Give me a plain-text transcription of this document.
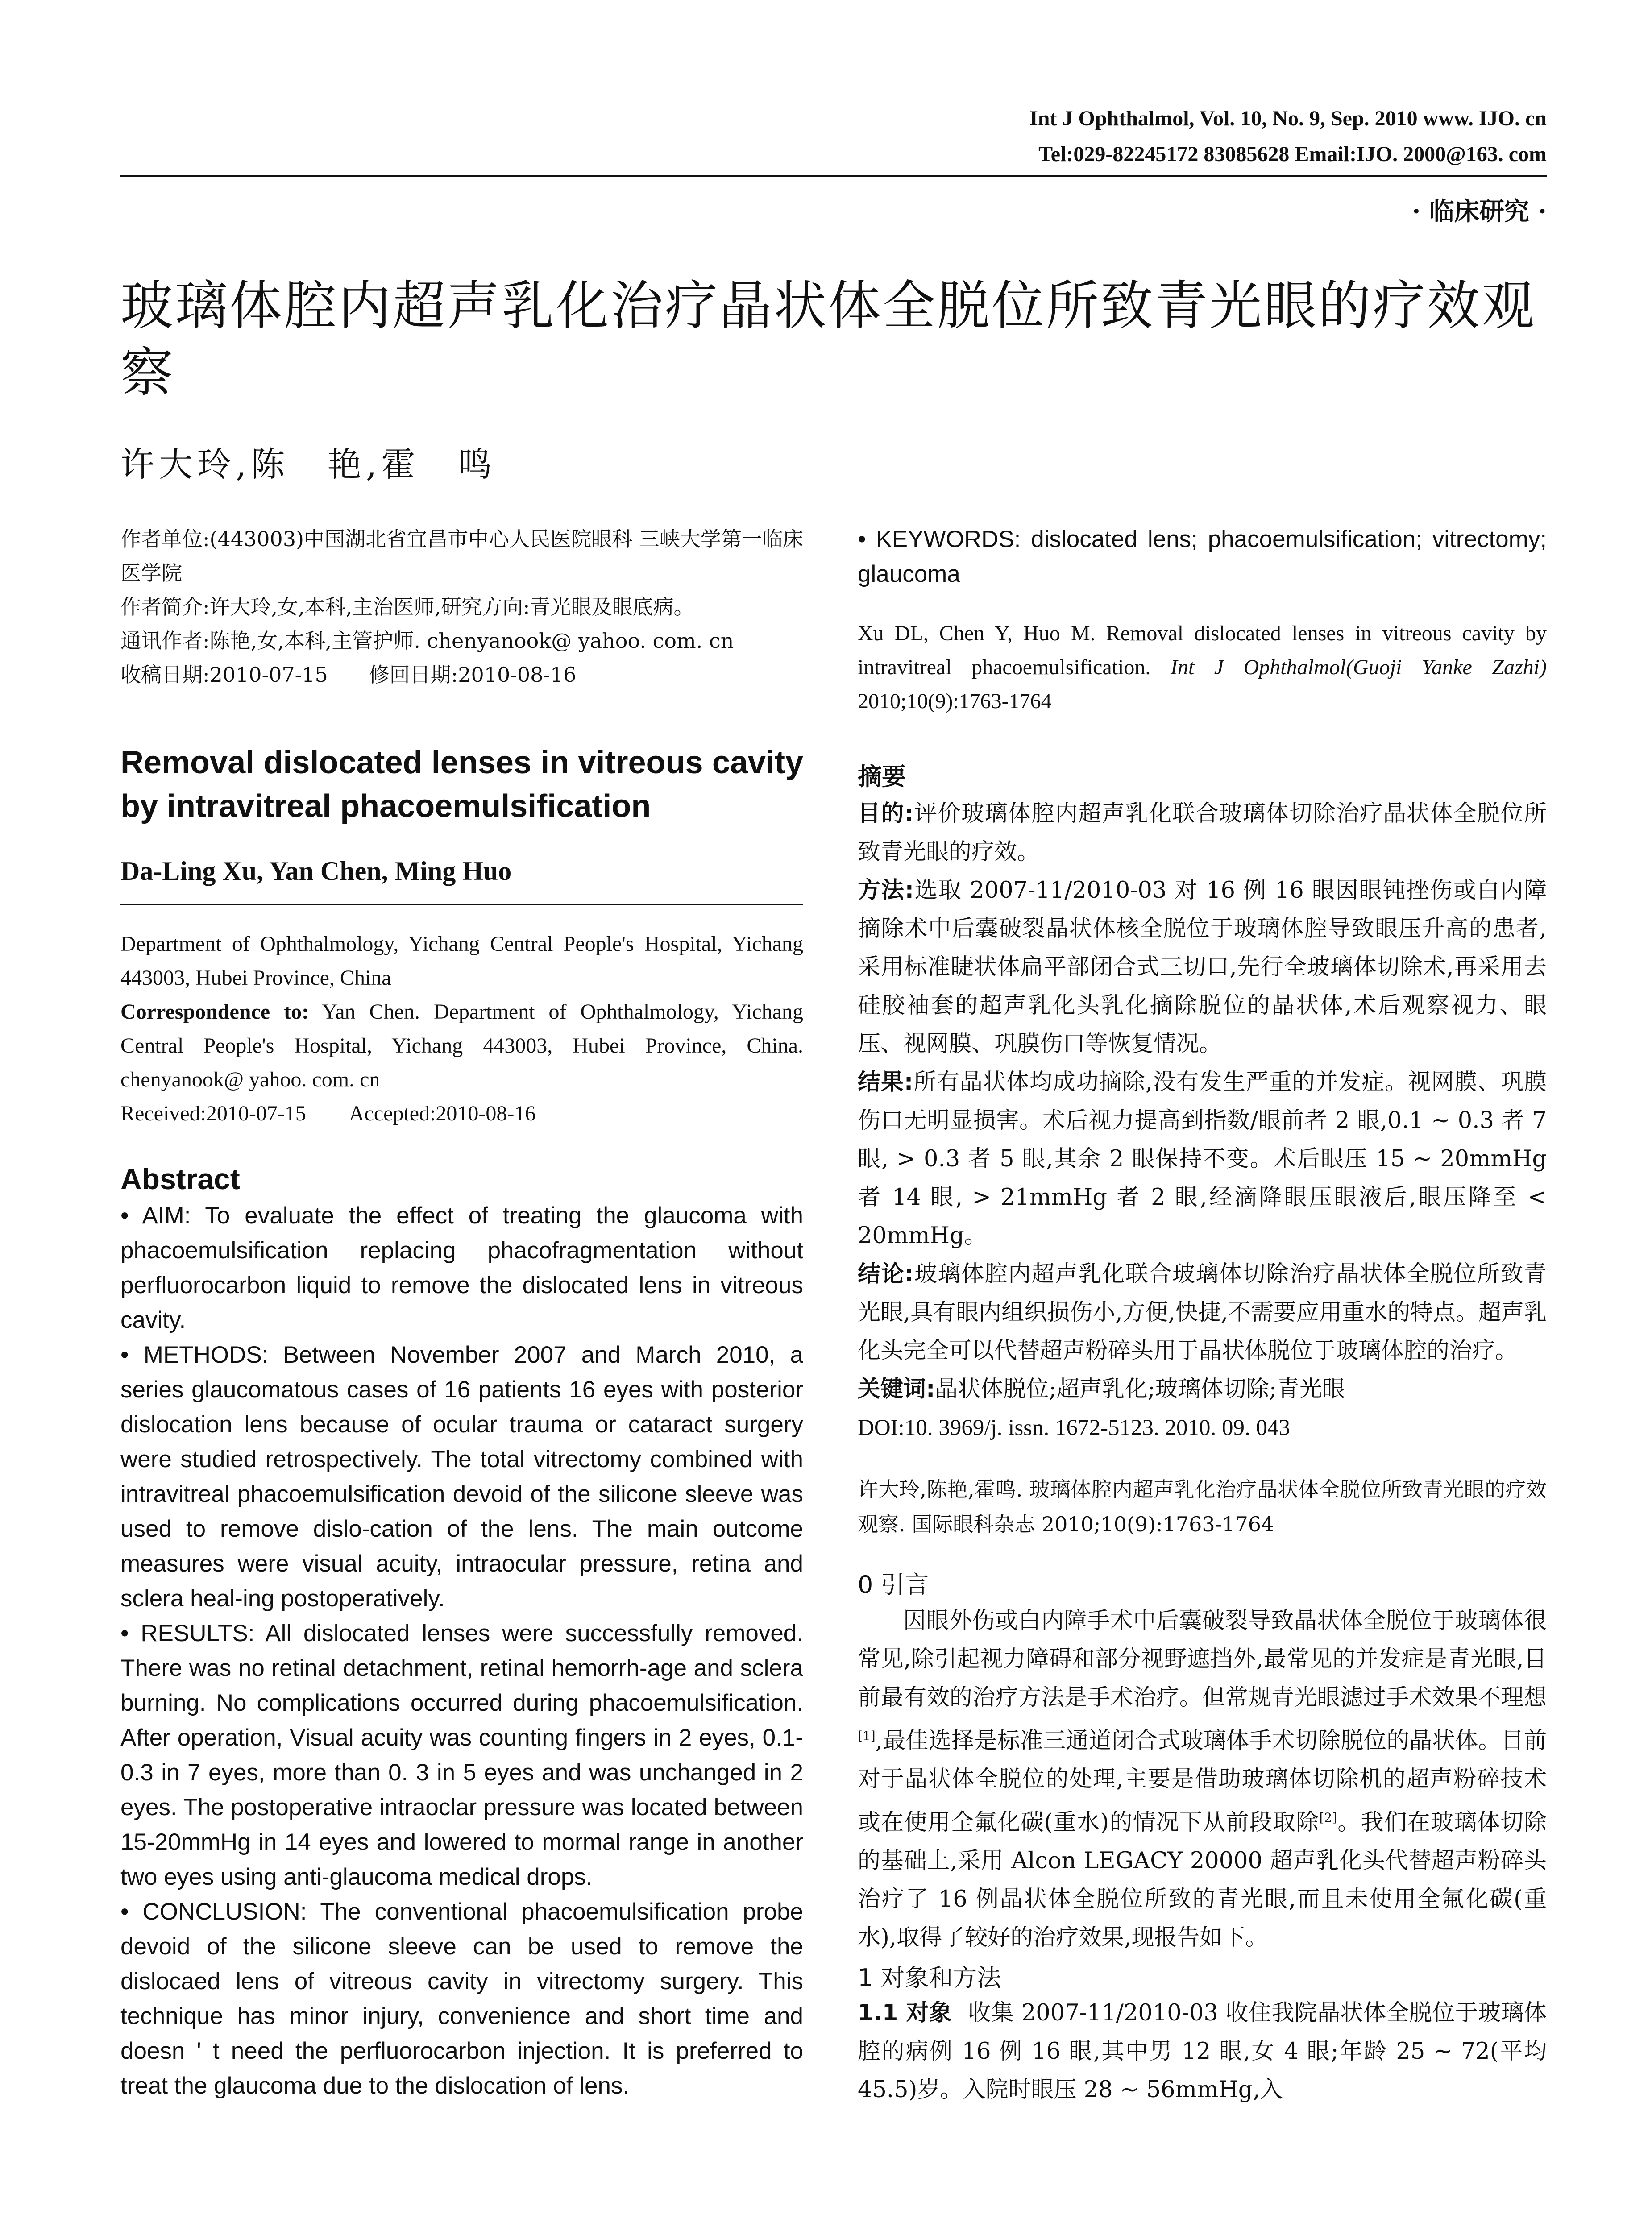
Int J Ophthalmol, Vol. 10, No. 9, Sep. 2010 www. IJO. cn
Tel:029-82245172 83085628 Email:IJO. 2000@163. com
· 临床研究 ·
玻璃体腔内超声乳化治疗晶状体全脱位所致青光眼的疗效观察
许大玲,陈　艳,霍　鸣

作者单位:(443003)中国湖北省宜昌市中心人民医院眼科 三峡大学第一临床医学院

作者简介:许大玲,女,本科,主治医师,研究方向:青光眼及眼底病。

通讯作者:陈艳,女,本科,主管护师. chenyanook@ yahoo. com. cn

收稿日期:2010-07-15　　修回日期:2010-08-16

Removal dislocated lenses in vitreous cavity by intravitreal phacoemulsification
Da-Ling Xu, Yan Chen, Ming Huo

Department of Ophthalmology, Yichang Central People's Hospital, Yichang 443003, Hubei Province, China

Correspondence to: Yan Chen. Department of Ophthalmology, Yichang Central People's Hospital, Yichang 443003, Hubei Province, China. chenyanook@ yahoo. com. cn

Received:2010-07-15　　Accepted:2010-08-16

Abstract

• AIM: To evaluate the effect of treating the glaucoma with phacoemulsification replacing phacofragmentation without perfluorocarbon liquid to remove the dislocated lens in vitreous cavity.

• METHODS: Between November 2007 and March 2010, a series glaucomatous cases of 16 patients 16 eyes with posterior dislocation lens because of ocular trauma or cataract surgery were studied retrospectively. The total vitrectomy combined with intravitreal phacoemulsification devoid of the silicone sleeve was used to remove dislo-cation of the lens. The main outcome measures were visual acuity, intraocular pressure, retina and sclera heal-ing postoperatively.

• RESULTS: All dislocated lenses were successfully removed. There was no retinal detachment, retinal hemorrh-age and sclera burning. No complications occurred during phacoemulsification. After operation, Visual acuity was counting fingers in 2 eyes, 0.1-0.3 in 7 eyes, more than 0. 3 in 5 eyes and was unchanged in 2 eyes. The postoperative intraoclar pressure was located between 15-20mmHg in 14 eyes and lowered to mormal range in another two eyes using anti-glaucoma medical drops.

• CONCLUSION: The conventional phacoemulsification probe devoid of the silicone sleeve can be used to remove the dislocaed lens of vitreous cavity in vitrectomy surgery. This technique has minor injury, convenience and short time and doesn ' t need the perfluorocarbon injection. It is preferred to treat the glaucoma due to the dislocation of lens.

• KEYWORDS: dislocated lens; phacoemulsification; vitrectomy; glaucoma
Xu DL, Chen Y, Huo M. Removal dislocated lenses in vitreous cavity by intravitreal phacoemulsification. Int J Ophthalmol(Guoji Yanke Zazhi) 2010;10(9):1763-1764
摘要

目的:评价玻璃体腔内超声乳化联合玻璃体切除治疗晶状体全脱位所致青光眼的疗效。

方法:选取 2007-11/2010-03 对 16 例 16 眼因眼钝挫伤或白内障摘除术中后囊破裂晶状体核全脱位于玻璃体腔导致眼压升高的患者,采用标准睫状体扁平部闭合式三切口,先行全玻璃体切除术,再采用去硅胶袖套的超声乳化头乳化摘除脱位的晶状体,术后观察视力、眼压、视网膜、巩膜伤口等恢复情况。

结果:所有晶状体均成功摘除,没有发生严重的并发症。视网膜、巩膜伤口无明显损害。术后视力提高到指数/眼前者 2 眼,0.1 ~ 0.3 者 7 眼, > 0.3 者 5 眼,其余 2 眼保持不变。术后眼压 15 ~ 20mmHg 者 14 眼, > 21mmHg 者 2 眼,经滴降眼压眼液后,眼压降至 < 20mmHg。

结论:玻璃体腔内超声乳化联合玻璃体切除治疗晶状体全脱位所致青光眼,具有眼内组织损伤小,方便,快捷,不需要应用重水的特点。超声乳化头完全可以代替超声粉碎头用于晶状体脱位于玻璃体腔的治疗。

关键词:晶状体脱位;超声乳化;玻璃体切除;青光眼

DOI:10. 3969/j. issn. 1672-5123. 2010. 09. 043

许大玲,陈艳,霍鸣. 玻璃体腔内超声乳化治疗晶状体全脱位所致青光眼的疗效观察. 国际眼科杂志 2010;10(9):1763-1764
0 引言
因眼外伤或白内障手术中后囊破裂导致晶状体全脱位于玻璃体很常见,除引起视力障碍和部分视野遮挡外,最常见的并发症是青光眼,目前最有效的治疗方法是手术治疗。但常规青光眼滤过手术效果不理想[1],最佳选择是标准三通道闭合式玻璃体手术切除脱位的晶状体。目前对于晶状体全脱位的处理,主要是借助玻璃体切除机的超声粉碎技术或在使用全氟化碳(重水)的情况下从前段取除[2]。我们在玻璃体切除的基础上,采用 Alcon LEGACY 20000 超声乳化头代替超声粉碎头治疗了 16 例晶状体全脱位所致的青光眼,而且未使用全氟化碳(重水),取得了较好的治疗效果,现报告如下。
1 对象和方法
1.1 对象 收集 2007-11/2010-03 收住我院晶状体全脱位于玻璃体腔的病例 16 例 16 眼,其中男 12 眼,女 4 眼;年龄 25 ~ 72(平均 45.5)岁。入院时眼压 28 ~ 56mmHg,入
